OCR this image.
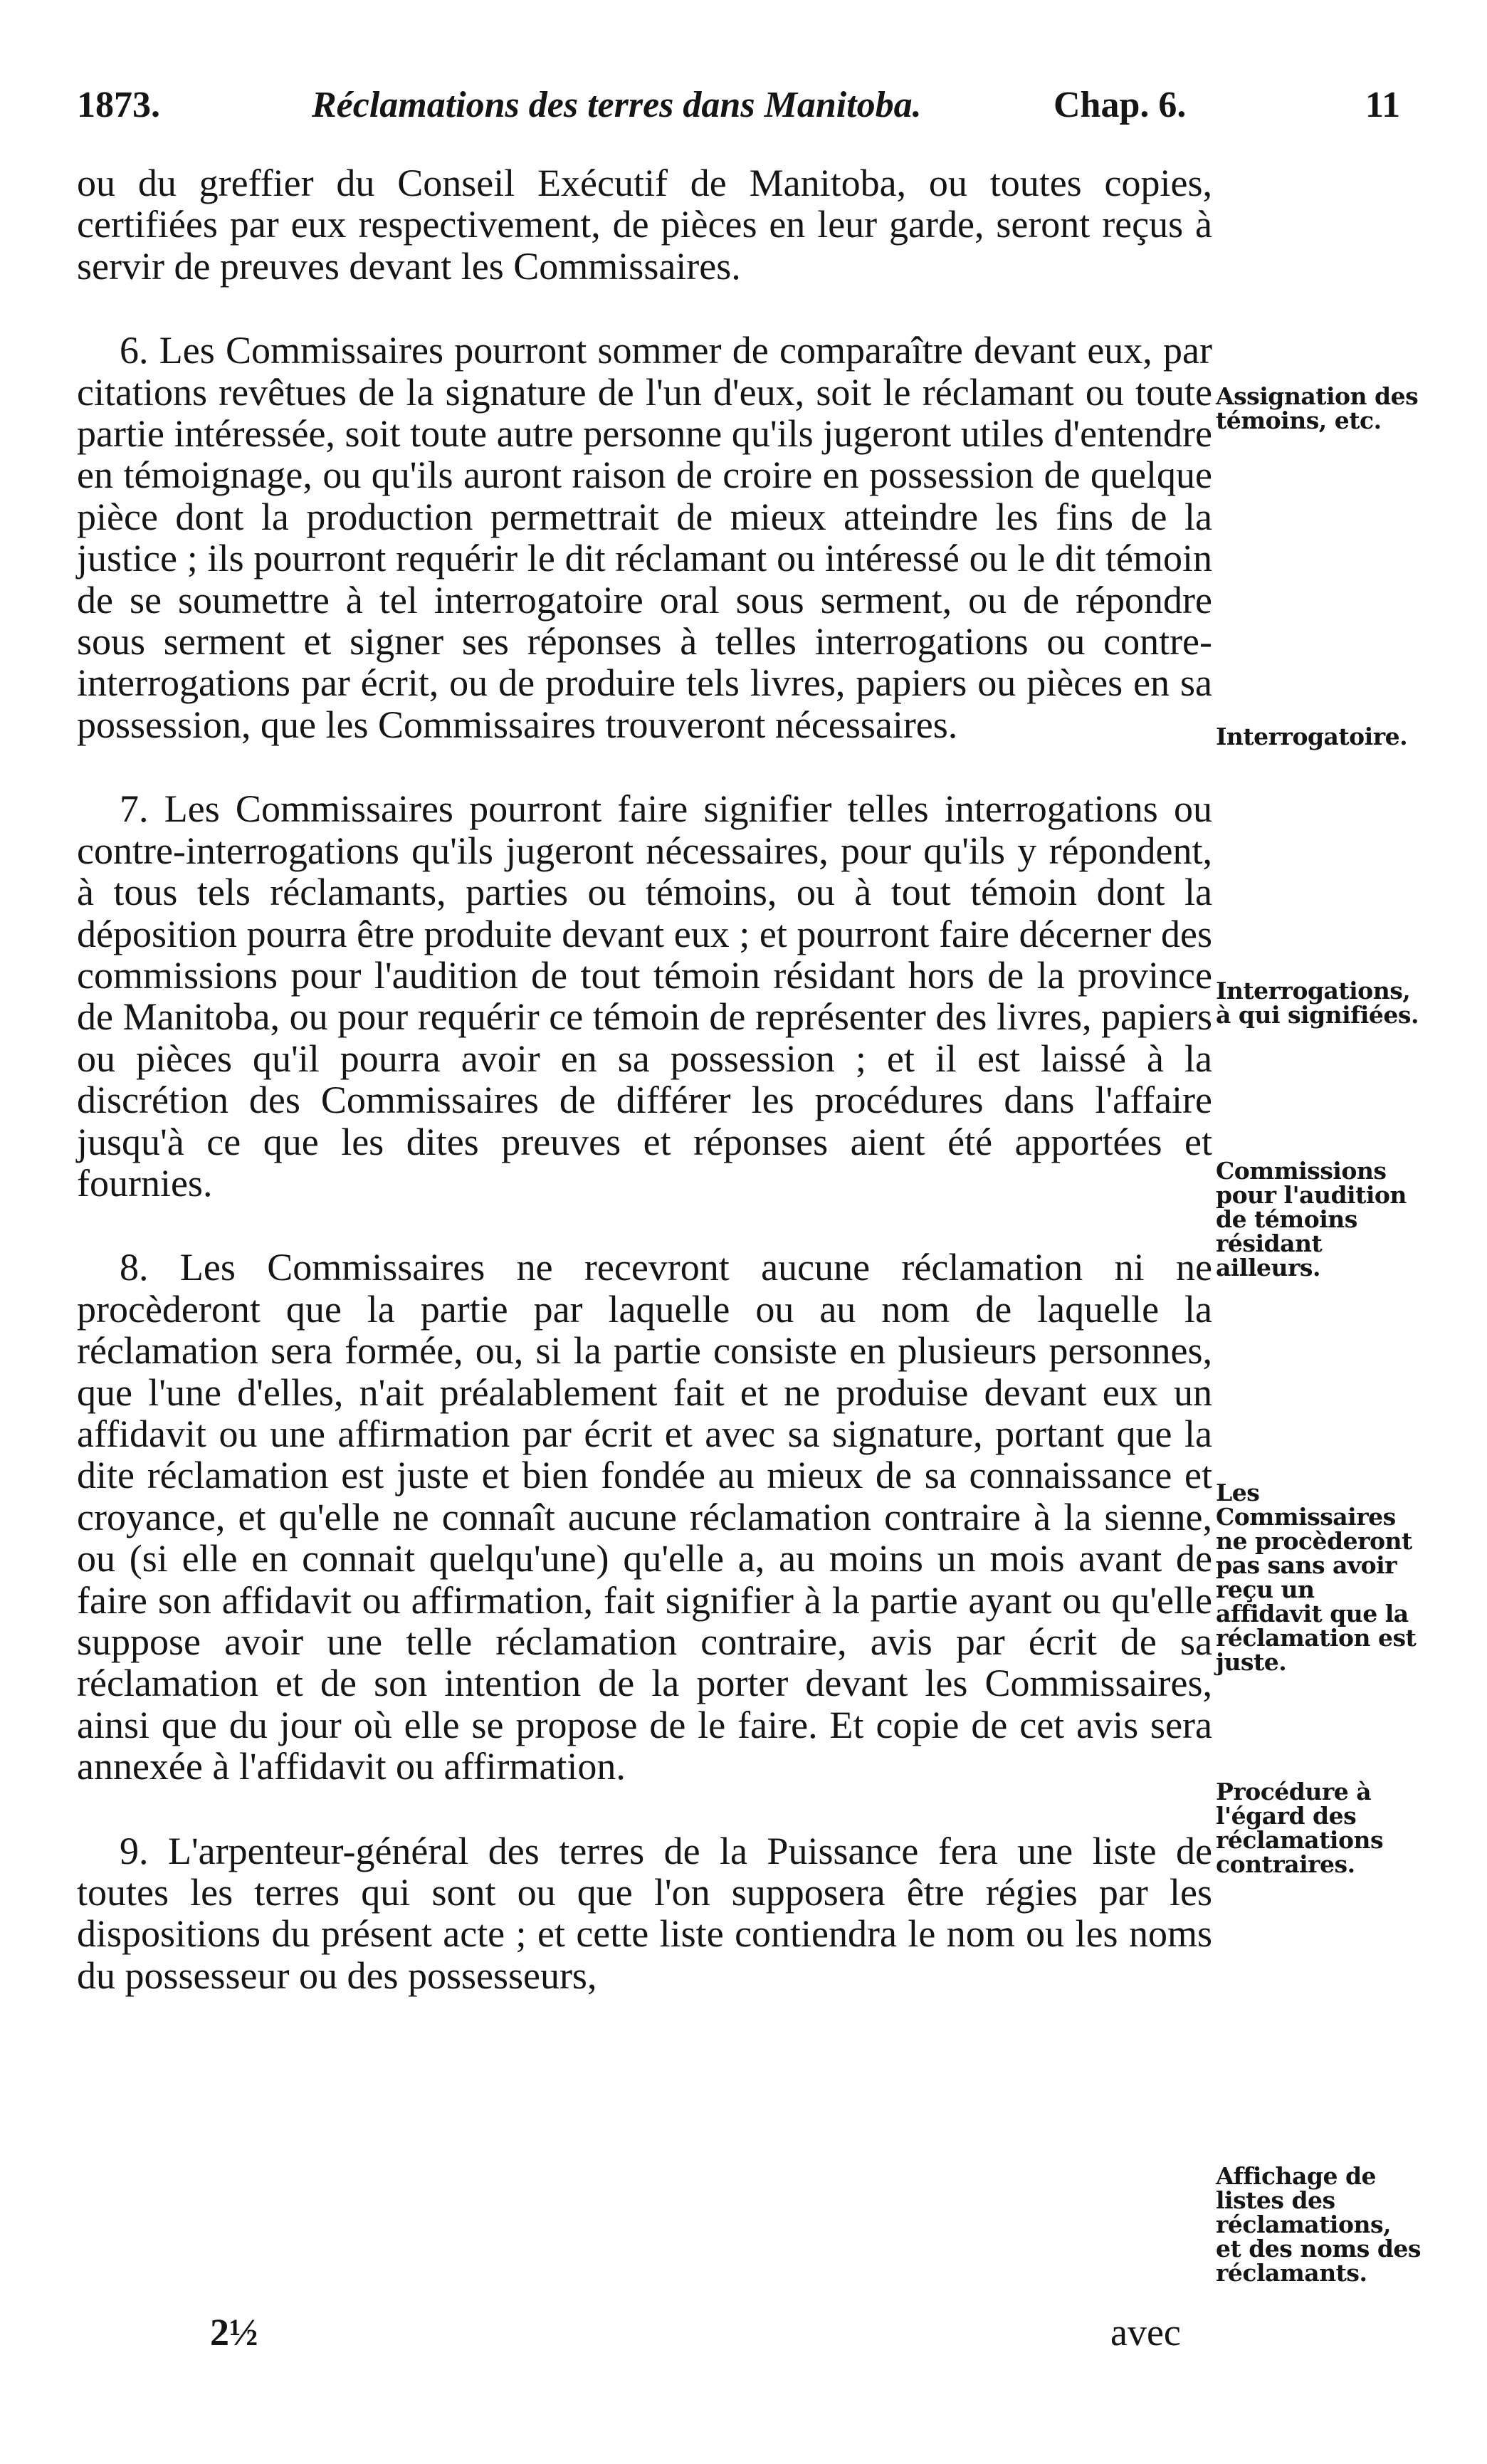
1873.	Réclamations des terres dans Manitoba.	Chap. 6.	11

ou du greffier du Conseil Exécutif de Manitoba, ou toutes copies, certifiées par eux respectivement, de pièces en leur garde, seront reçus à servir de preuves devant les Commissaires.

6. Les Commissaires pourront sommer de comparaître devant eux, par citations revêtues de la signature de l'un d'eux, soit le réclamant ou toute partie intéressée, soit toute autre personne qu'ils jugeront utiles d'entendre en témoignage, ou qu'ils auront raison de croire en possession de quelque pièce dont la production permettrait de mieux atteindre les fins de la justice ; ils pourront requérir le dit réclamant ou intéressé ou le dit témoin de se soumettre à tel interrogatoire oral sous serment, ou de répondre sous serment et signer ses réponses à telles interrogations ou contre-interrogations par écrit, ou de produire tels livres, papiers ou pièces en sa possession, que les Commissaires trouveront nécessaires.

7. Les Commissaires pourront faire signifier telles interrogations ou contre-interrogations qu'ils jugeront nécessaires, pour qu'ils y répondent, à tous tels réclamants, parties ou témoins, ou à tout témoin dont la déposition pourra être produite devant eux ; et pourront faire décerner des commissions pour l'audition de tout témoin résidant hors de la province de Manitoba, ou pour requérir ce témoin de représenter des livres, papiers ou pièces qu'il pourra avoir en sa possession ; et il est laissé à la discrétion des Commissaires de différer les procédures dans l'affaire jusqu'à ce que les dites preuves et réponses aient été apportées et fournies.

8. Les Commissaires ne recevront aucune réclamation ni ne procèderont que la partie par laquelle ou au nom de laquelle la réclamation sera formée, ou, si la partie consiste en plusieurs personnes, que l'une d'elles, n'ait préalablement fait et ne produise devant eux un affidavit ou une affirmation par écrit et avec sa signature, portant que la dite réclamation est juste et bien fondée au mieux de sa connaissance et croyance, et qu'elle ne connaît aucune réclamation contraire à la sienne, ou (si elle en connait quelqu'une) qu'elle a, au moins un mois avant de faire son affidavit ou affirmation, fait signifier à la partie ayant ou qu'elle suppose avoir une telle réclamation contraire, avis par écrit de sa réclamation et de son intention de la porter devant les Commissaires, ainsi que du jour où elle se propose de le faire. Et copie de cet avis sera annexée à l'affidavit ou affirmation.

9. L'arpenteur-général des terres de la Puissance fera une liste de toutes les terres qui sont ou que l'on supposera être régies par les dispositions du présent acte ; et cette liste contiendra le nom ou les noms du possesseur ou des possesseurs,

Assignation des témoins, etc.
Interrogatoire.
Interrogations, à qui signifiées.
Commissions pour l'audition de témoins résidant ailleurs.
Les Commissaires ne procèderont pas sans avoir reçu un affidavit que la réclamation est juste.
Procédure à l'égard des réclamations contraires.
Affichage de listes des réclamations, et des noms des réclamants.
2½	avec
